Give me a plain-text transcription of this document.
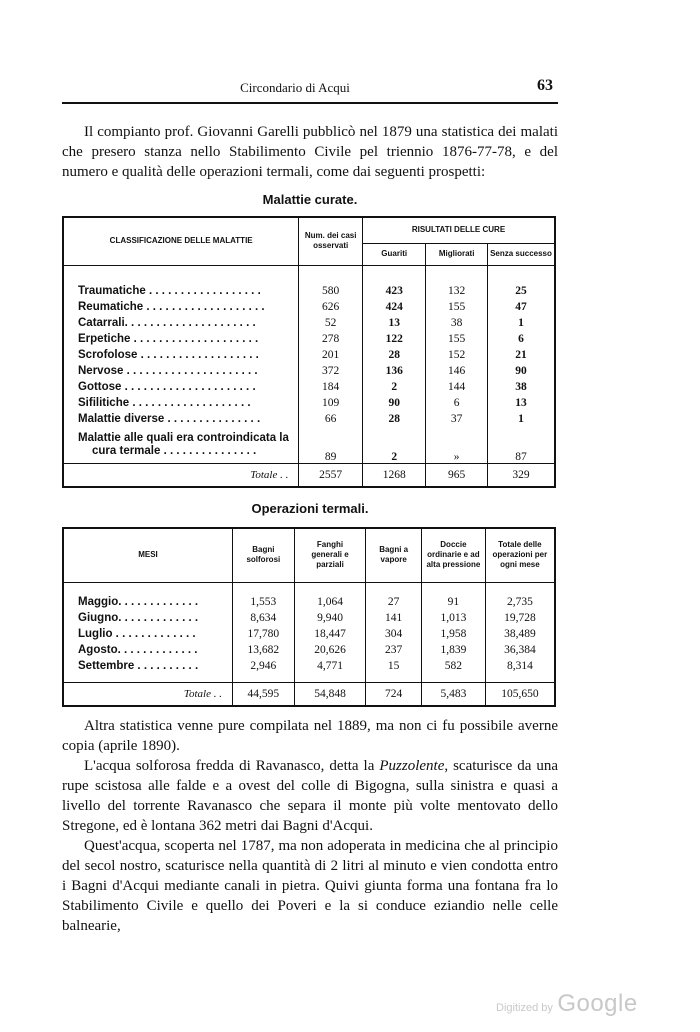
Circondario di Acqui	63

Il compianto prof. Giovanni Garelli pubblicò nel 1879 una statistica dei malati che presero stanza nello Stabilimento Civile pel triennio 1876-77-78, e del numero e qualità delle operazioni termali, come dai seguenti prospetti:

Malattie curate.
CLASSIFICAZIONE DELLE MALATTIE	Num. dei casi osservati	RISULTATI DELLE CURE		
		Guariti	Migliorati	Senza successo

Traumatiche . . . . . . . . . . . . . . . . . .	580	423	132	25
Reumatiche . . . . . . . . . . . . . . . . . . .	626	424	155	47
Catarrali. . . . . . . . . . . . . . . . . . . . .	52	13	38	1
Erpetiche . . . . . . . . . . . . . . . . . . . .	278	122	155	6
Scrofolose . . . . . . . . . . . . . . . . . . .	201	28	152	21
Nervose . . . . . . . . . . . . . . . . . . . . .	372	136	146	90
Gottose . . . . . . . . . . . . . . . . . . . . .	184	2	144	38
Sifilitiche . . . . . . . . . . . . . . . . . . .	109	90	6	13
Malattie diverse . . . . . . . . . . . . . . .	66	28	37	1

Malattie alle quali era controindicata la
cura termale . . . . . . . . . . . . . . .	89	2	»	87
Totale . .	2557	1268	965	329
Operazioni termali.
MESI	Bagni solforosi	Fanghi generali e parziali	Bagni a vapore	Doccie ordinarie e ad alta pressione	Totale delle operazioni per ogni mese

Maggio. . . . . . . . . . . . .	1,553	1,064	27	91	2,735
Giugno. . . . . . . . . . . . .	8,634	9,940	141	1,013	19,728
Luglio . . . . . . . . . . . . .	17,780	18,447	304	1,958	38,489
Agosto. . . . . . . . . . . . .	13,682	20,626	237	1,839	36,384
Settembre . . . . . . . . . .	2,946	4,771	15	582	8,314

Totale . .	44,595	54,848	724	5,483	105,650

Altra statistica venne pure compilata nel 1889, ma non ci fu possibile averne copia (aprile 1890).

L'acqua solforosa fredda di Ravanasco, detta la Puzzolente, scaturisce da una rupe scistosa alle falde e a ovest del colle di Bigogna, sulla sinistra e quasi a livello del torrente Ravanasco che separa il monte più volte mentovato dello Stregone, ed è lontana 362 metri dai Bagni d'Acqui.

Quest'acqua, scoperta nel 1787, ma non adoperata in medicina che al principio del secol nostro, scaturisce nella quantità di 2 litri al minuto e vien condotta entro i Bagni d'Acqui mediante canali in pietra. Quivi giunta forma una fontana fra lo Stabilimento Civile e quello dei Poveri e la si conduce eziandio nelle celle balnearie,

Digitized by Google
